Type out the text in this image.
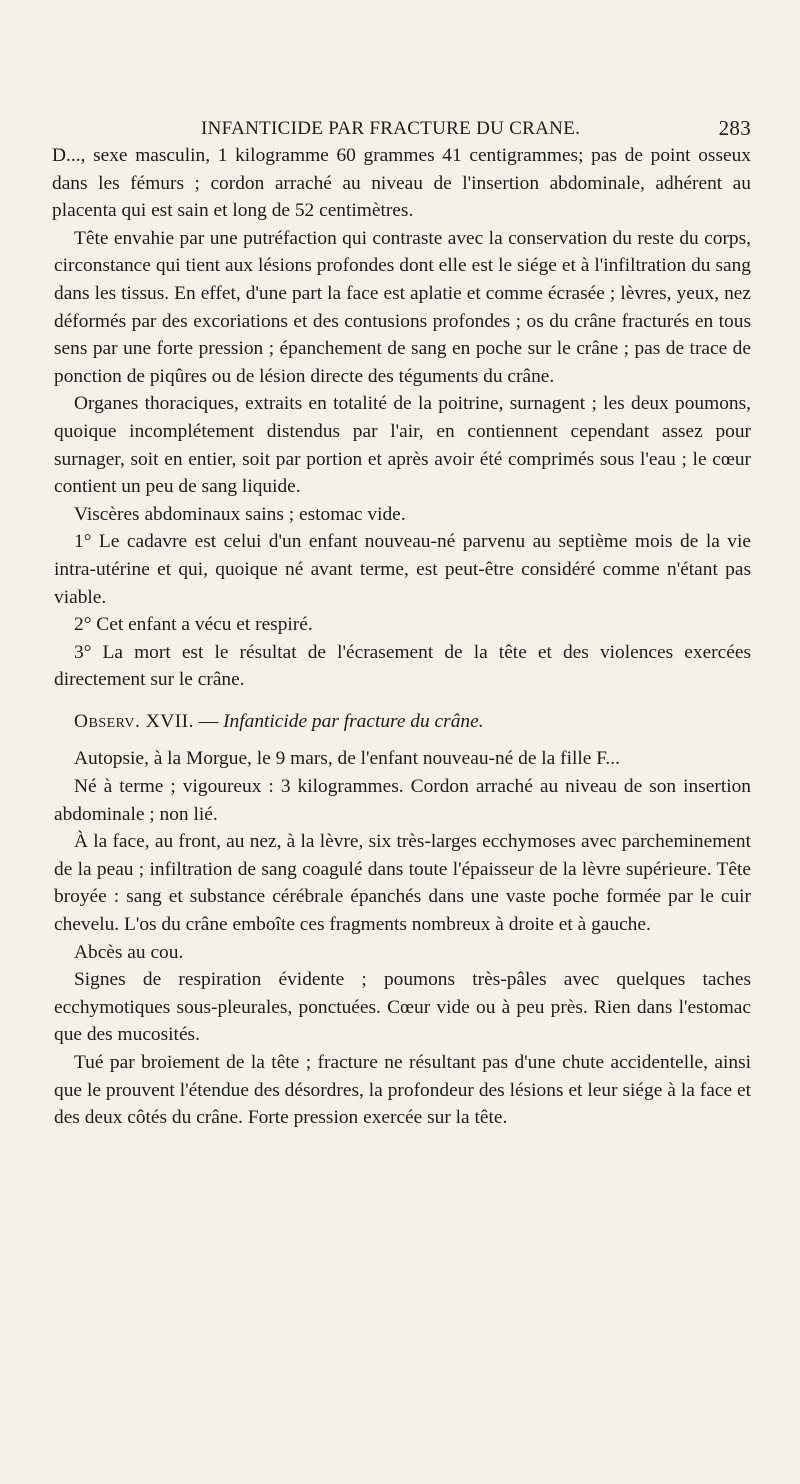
INFANTICIDE PAR FRACTURE DU CRANE.	283

D..., sexe masculin, 1 kilogramme 60 grammes 41 centigrammes; pas de point osseux dans les fémurs ; cordon arraché au niveau de l'insertion abdominale, adhérent au placenta qui est sain et long de 52 centimètres.

Tête envahie par une putréfaction qui contraste avec la conservation du reste du corps, circonstance qui tient aux lésions profondes dont elle est le siége et à l'infiltration du sang dans les tissus. En effet, d'une part la face est aplatie et comme écrasée ; lèvres, yeux, nez déformés par des excoriations et des contusions profondes ; os du crâne fracturés en tous sens par une forte pression ; épanchement de sang en poche sur le crâne ; pas de trace de ponction de piqûres ou de lésion directe des téguments du crâne.

Organes thoraciques, extraits en totalité de la poitrine, surnagent ; les deux poumons, quoique incomplétement distendus par l'air, en contiennent cependant assez pour surnager, soit en entier, soit par portion et après avoir été comprimés sous l'eau ; le cœur contient un peu de sang liquide.

Viscères abdominaux sains ; estomac vide.

1° Le cadavre est celui d'un enfant nouveau-né parvenu au septième mois de la vie intra-utérine et qui, quoique né avant terme, est peut-être considéré comme n'étant pas viable.

2° Cet enfant a vécu et respiré.

3° La mort est le résultat de l'écrasement de la tête et des violences exercées directement sur le crâne.

Observ. XVII. — Infanticide par fracture du crâne.

Autopsie, à la Morgue, le 9 mars, de l'enfant nouveau-né de la fille F...

Né à terme ; vigoureux : 3 kilogrammes. Cordon arraché au niveau de son insertion abdominale ; non lié.

À la face, au front, au nez, à la lèvre, six très-larges ecchymoses avec parcheminement de la peau ; infiltration de sang coagulé dans toute l'épaisseur de la lèvre supérieure. Tête broyée : sang et substance cérébrale épanchés dans une vaste poche formée par le cuir chevelu. L'os du crâne emboîte ces fragments nombreux à droite et à gauche.

Abcès au cou.

Signes de respiration évidente ; poumons très-pâles avec quelques taches ecchymotiques sous-pleurales, ponctuées. Cœur vide ou à peu près. Rien dans l'estomac que des mucosités.

Tué par broiement de la tête ; fracture ne résultant pas d'une chute accidentelle, ainsi que le prouvent l'étendue des désordres, la profondeur des lésions et leur siége à la face et des deux côtés du crâne. Forte pression exercée sur la tête.
